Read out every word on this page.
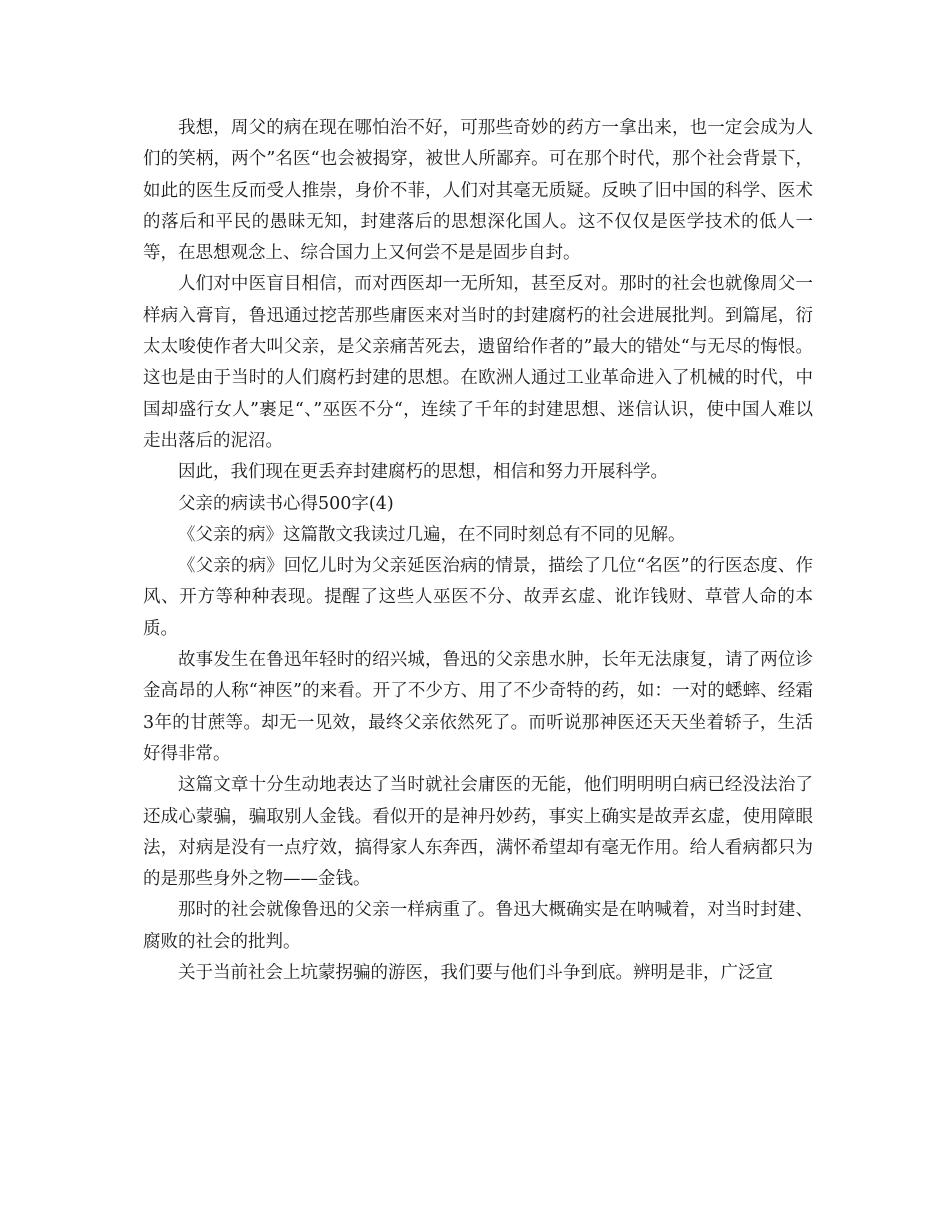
我想，周父的病在现在哪怕治不好，可那些奇妙的药方一拿出来，也一定会成为人们的笑柄，两个”名医“也会被揭穿，被世人所鄙弃。可在那个时代，那个社会背景下，如此的医生反而受人推崇，身价不菲，人们对其毫无质疑。反映了旧中国的科学、医术的落后和平民的愚昧无知，封建落后的思想深化国人。这不仅仅是医学技术的低人一等，在思想观念上、综合国力上又何尝不是是固步自封。

人们对中医盲目相信，而对西医却一无所知，甚至反对。那时的社会也就像周父一样病入膏肓，鲁迅通过挖苦那些庸医来对当时的封建腐朽的社会进展批判。到篇尾，衍太太唆使作者大叫父亲，是父亲痛苦死去，遗留给作者的”最大的错处“与无尽的悔恨。这也是由于当时的人们腐朽封建的思想。在欧洲人通过工业革命进入了机械的时代，中国却盛行女人”裹足“、”巫医不分“，连续了千年的封建思想、迷信认识，使中国人难以走出落后的泥沼。

因此，我们现在更丢弃封建腐朽的思想，相信和努力开展科学。

父亲的病读书心得500字(4)

《父亲的病》这篇散文我读过几遍，在不同时刻总有不同的见解。

《父亲的病》回忆儿时为父亲延医治病的情景，描绘了几位“名医”的行医态度、作风、开方等种种表现。提醒了这些人巫医不分、故弄玄虚、讹诈钱财、草菅人命的本质。

故事发生在鲁迅年轻时的绍兴城，鲁迅的父亲患水肿，长年无法康复，请了两位诊金高昂的人称“神医”的来看。开了不少方、用了不少奇特的药，如：一对的蟋蟀、经霜3年的甘蔗等。却无一见效，最终父亲依然死了。而听说那神医还天天坐着轿子，生活好得非常。

这篇文章十分生动地表达了当时就社会庸医的无能，他们明明明白病已经没法治了还成心蒙骗，骗取别人金钱。看似开的是神丹妙药，事实上确实是故弄玄虚，使用障眼法，对病是没有一点疗效，搞得家人东奔西，满怀希望却有毫无作用。给人看病都只为的是那些身外之物——金钱。

那时的社会就像鲁迅的父亲一样病重了。鲁迅大概确实是在呐喊着，对当时封建、腐败的社会的批判。

关于当前社会上坑蒙拐骗的游医，我们要与他们斗争到底。辨明是非，广泛宣
